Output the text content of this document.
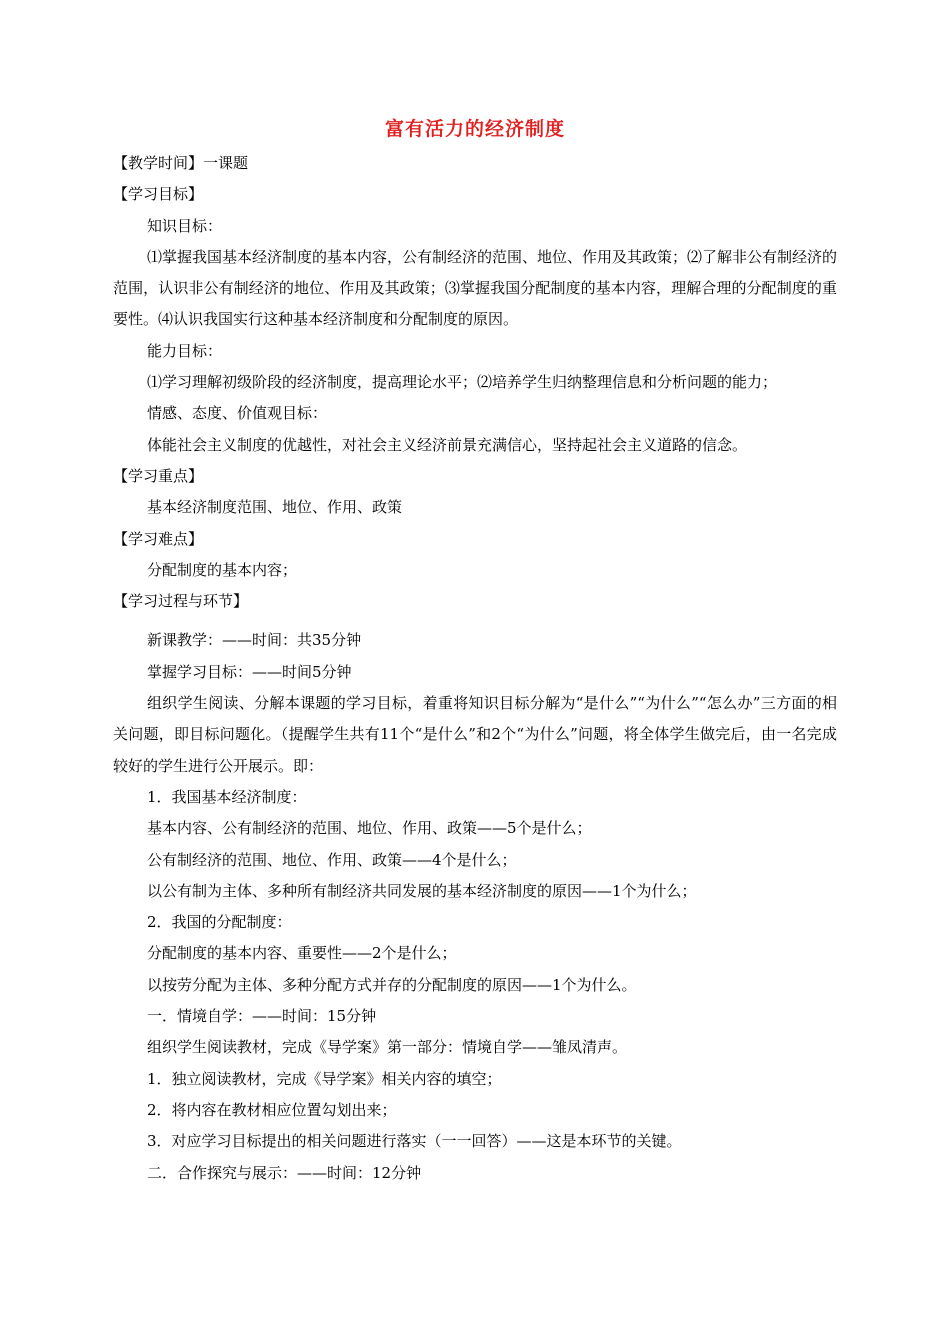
富有活力的经济制度
【教学时间】一课题
【学习目标】
知识目标：
⑴掌握我国基本经济制度的基本内容，公有制经济的范围、地位、作用及其政策；⑵了解非公有制经济的范围，认识非公有制经济的地位、作用及其政策；⑶掌握我国分配制度的基本内容，理解合理的分配制度的重要性。⑷认识我国实行这种基本经济制度和分配制度的原因。
能力目标：
⑴学习理解初级阶段的经济制度，提高理论水平；⑵培养学生归纳整理信息和分析问题的能力；
情感、态度、价值观目标：
体能社会主义制度的优越性，对社会主义经济前景充满信心，坚持起社会主义道路的信念。
【学习重点】
基本经济制度范围、地位、作用、政策
【学习难点】
分配制度的基本内容；
【学习过程与环节】
新课教学：——时间：共35分钟
掌握学习目标：——时间5分钟
组织学生阅读、分解本课题的学习目标，着重将知识目标分解为“是什么”“为什么”“怎么办”三方面的相关问题，即目标问题化。（提醒学生共有11个“是什么”和2个“为什么”问题，将全体学生做完后，由一名完成较好的学生进行公开展示。即：
1．我国基本经济制度：
基本内容、公有制经济的范围、地位、作用、政策——5个是什么；
公有制经济的范围、地位、作用、政策——4个是什么；
以公有制为主体、多种所有制经济共同发展的基本经济制度的原因——1个为什么；
2．我国的分配制度：
分配制度的基本内容、重要性——2个是什么；
以按劳分配为主体、多种分配方式并存的分配制度的原因——1个为什么。
一．情境自学：——时间：15分钟
组织学生阅读教材，完成《导学案》第一部分：情境自学——雏凤清声。
1．独立阅读教材，完成《导学案》相关内容的填空；
2．将内容在教材相应位置勾划出来；
3．对应学习目标提出的相关问题进行落实（一一回答）——这是本环节的关键。
二．合作探究与展示：——时间：12分钟
